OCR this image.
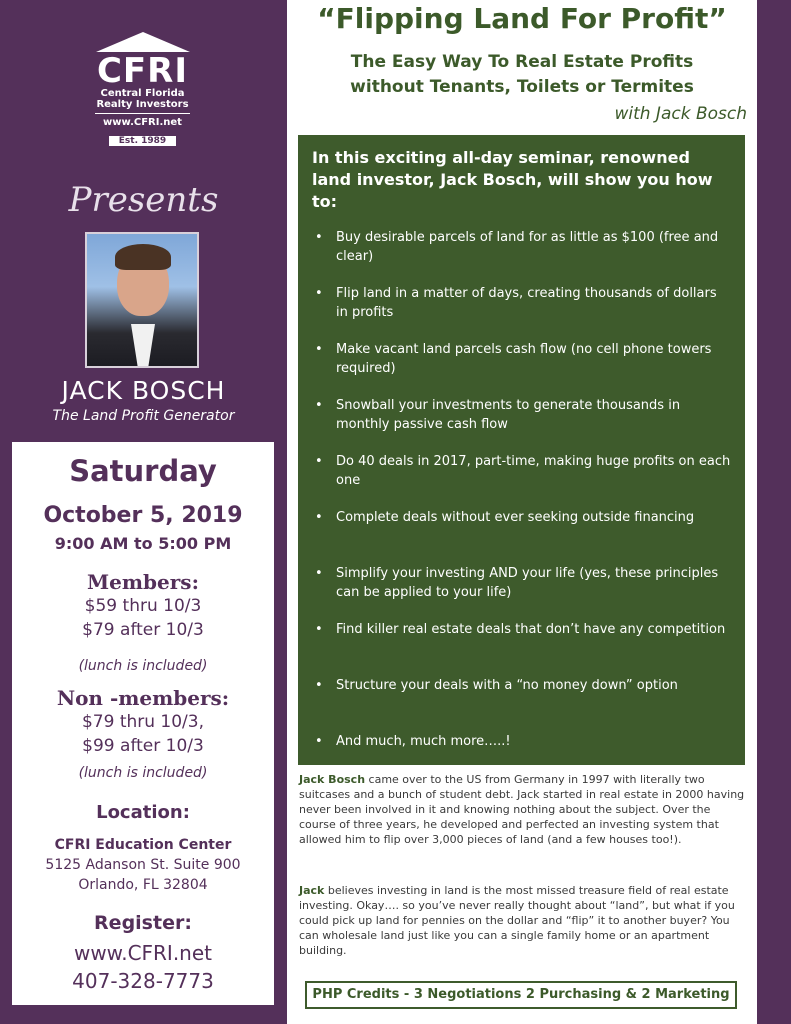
CFRI
Central Florida
Realty Investors
www.CFRI.net
Est. 1989
Presents
JACK BOSCH
The Land Profit Generator
Saturday
October 5, 2019
9:00 AM to 5:00 PM
Members:
$59 thru 10/3
$79 after 10/3
(lunch is included)
Non -members:
$79 thru 10/3,
$99 after 10/3
(lunch is included)
Location:
CFRI Education Center
5125 Adanson St. Suite 900
Orlando, FL 32804
Register:
www.CFRI.net
407-328-7773
“Flipping Land For Profit”
The Easy Way To Real Estate Profits
without Tenants, Toilets or Termites
with Jack Bosch
In this exciting all-day seminar, renowned land investor, Jack Bosch, will show you how to:
• Buy desirable parcels of land for as little as $100 (free and clear)
• Flip land in a matter of days, creating thousands of dollars in profits
• Make vacant land parcels cash flow (no cell phone towers required)
• Snowball your investments to generate thousands in monthly passive cash flow
• Do 40 deals in 2017, part-time, making huge profits on each one
• Complete deals without ever seeking outside financing
• Simplify your investing AND your life (yes, these principles can be applied to your life)
• Find killer real estate deals that don’t have any competition
• Structure your deals with a “no money down” option
• And much, much more…..!
Jack Bosch came over to the US from Germany in 1997 with literally two suitcases and a bunch of student debt. Jack started in real estate in 2000 having never been involved in it and knowing nothing about the subject. Over the course of three years, he developed and perfected an investing system that allowed him to flip over 3,000 pieces of land (and a few houses too!).
Jack believes investing in land is the most missed treasure field of real estate investing. Okay…. so you’ve never really thought about “land”, but what if you could pick up land for pennies on the dollar and “flip” it to another buyer? You can wholesale land just like you can a single family home or an apartment building.
PHP Credits - 3 Negotiations 2 Purchasing & 2 Marketing
